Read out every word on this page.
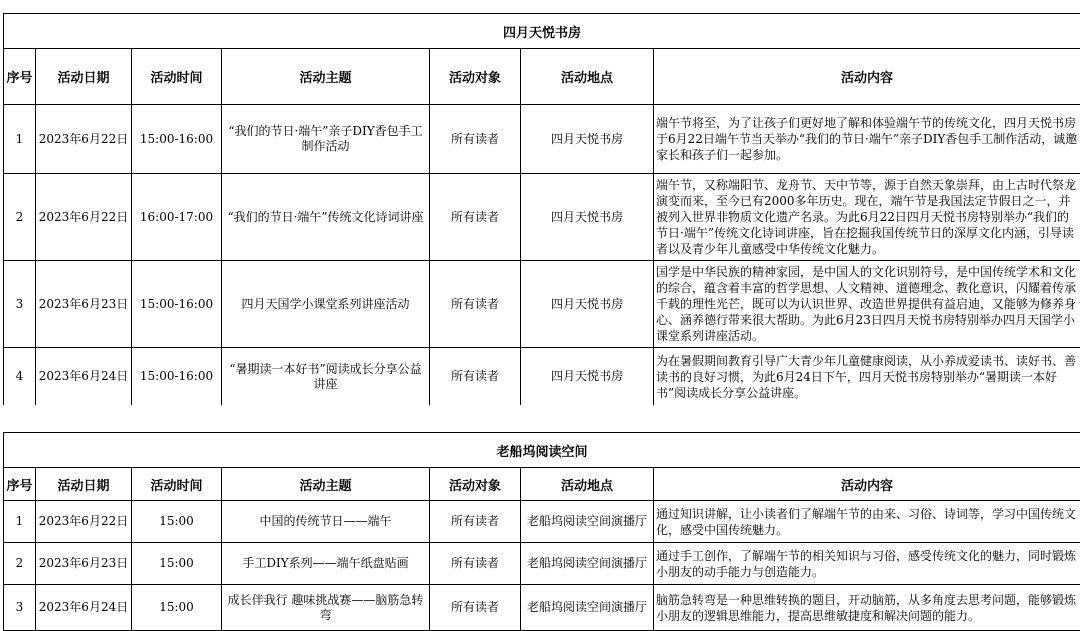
四月天悦书房						
序号	活动日期	活动时间	活动主题	活动对象	活动地点	活动内容
1	2023年6月22日	15:00-16:00	“我们的节日·端午”亲子DIY香包手工制作活动	所有读者	四月天悦书房	端午节将至，为了让孩子们更好地了解和体验端午节的传统文化，四月天悦书房于6月22日端午节当天举办“我们的节日·端午”亲子DIY香包手工制作活动，诚邀家长和孩子们一起参加。
2	2023年6月22日	16:00-17:00	“我们的节日·端午”传统文化诗词讲座	所有读者	四月天悦书房	端午节，又称端阳节、龙舟节、天中节等，源于自然天象崇拜，由上古时代祭龙演变而来，至今已有2000多年历史。现在，端午节是我国法定节假日之一，并被列入世界非物质文化遗产名录。为此6月22日四月天悦书房特别举办“我们的节日·端午”传统文化诗词讲座，旨在挖掘我国传统节日的深厚文化内涵，引导读者以及青少年儿童感受中华传统文化魅力。
3	2023年6月23日	15:00-16:00	四月天国学小课堂系列讲座活动	所有读者	四月天悦书房	国学是中华民族的精神家园，是中国人的文化识别符号，是中国传统学术和文化的综合，蕴含着丰富的哲学思想、人文精神、道德理念、教化意识，闪耀着传承千载的理性光芒，既可以为认识世界、改造世界提供有益启迪，又能够为修养身心、涵养德行带来很大帮助。为此6月23日四月天悦书房特别举办四月天国学小课堂系列讲座活动。
4	2023年6月24日	15:00-16:00	“暑期读一本好书”阅读成长分享公益讲座	所有读者	四月天悦书房	为在暑假期间教育引导广大青少年儿童健康阅读，从小养成爱读书、读好书、善读书的良好习惯，为此6月24日下午，四月天悦书房特别举办“暑期读一本好书”阅读成长分享公益讲座。
老船坞阅读空间						
序号	活动日期	活动时间	活动主题	活动对象	活动地点	活动内容
1	2023年6月22日	15:00	中国的传统节日——端午	所有读者	老船坞阅读空间演播厅	通过知识讲解，让小读者们了解端午节的由来、习俗、诗词等，学习中国传统文化，感受中国传统魅力。
2	2023年6月23日	15:00	手工DIY系列——端午纸盘贴画	所有读者	老船坞阅读空间演播厅	通过手工创作，了解端午节的相关知识与习俗，感受传统文化的魅力，同时锻炼小朋友的动手能力与创造能力。
3	2023年6月24日	15:00	成长伴我行 趣味挑战赛——脑筋急转弯	所有读者	老船坞阅读空间演播厅	脑筋急转弯是一种思维转换的题目，开动脑筋，从多角度去思考问题，能够锻炼小朋友的逻辑思维能力，提高思维敏捷度和解决问题的能力。
